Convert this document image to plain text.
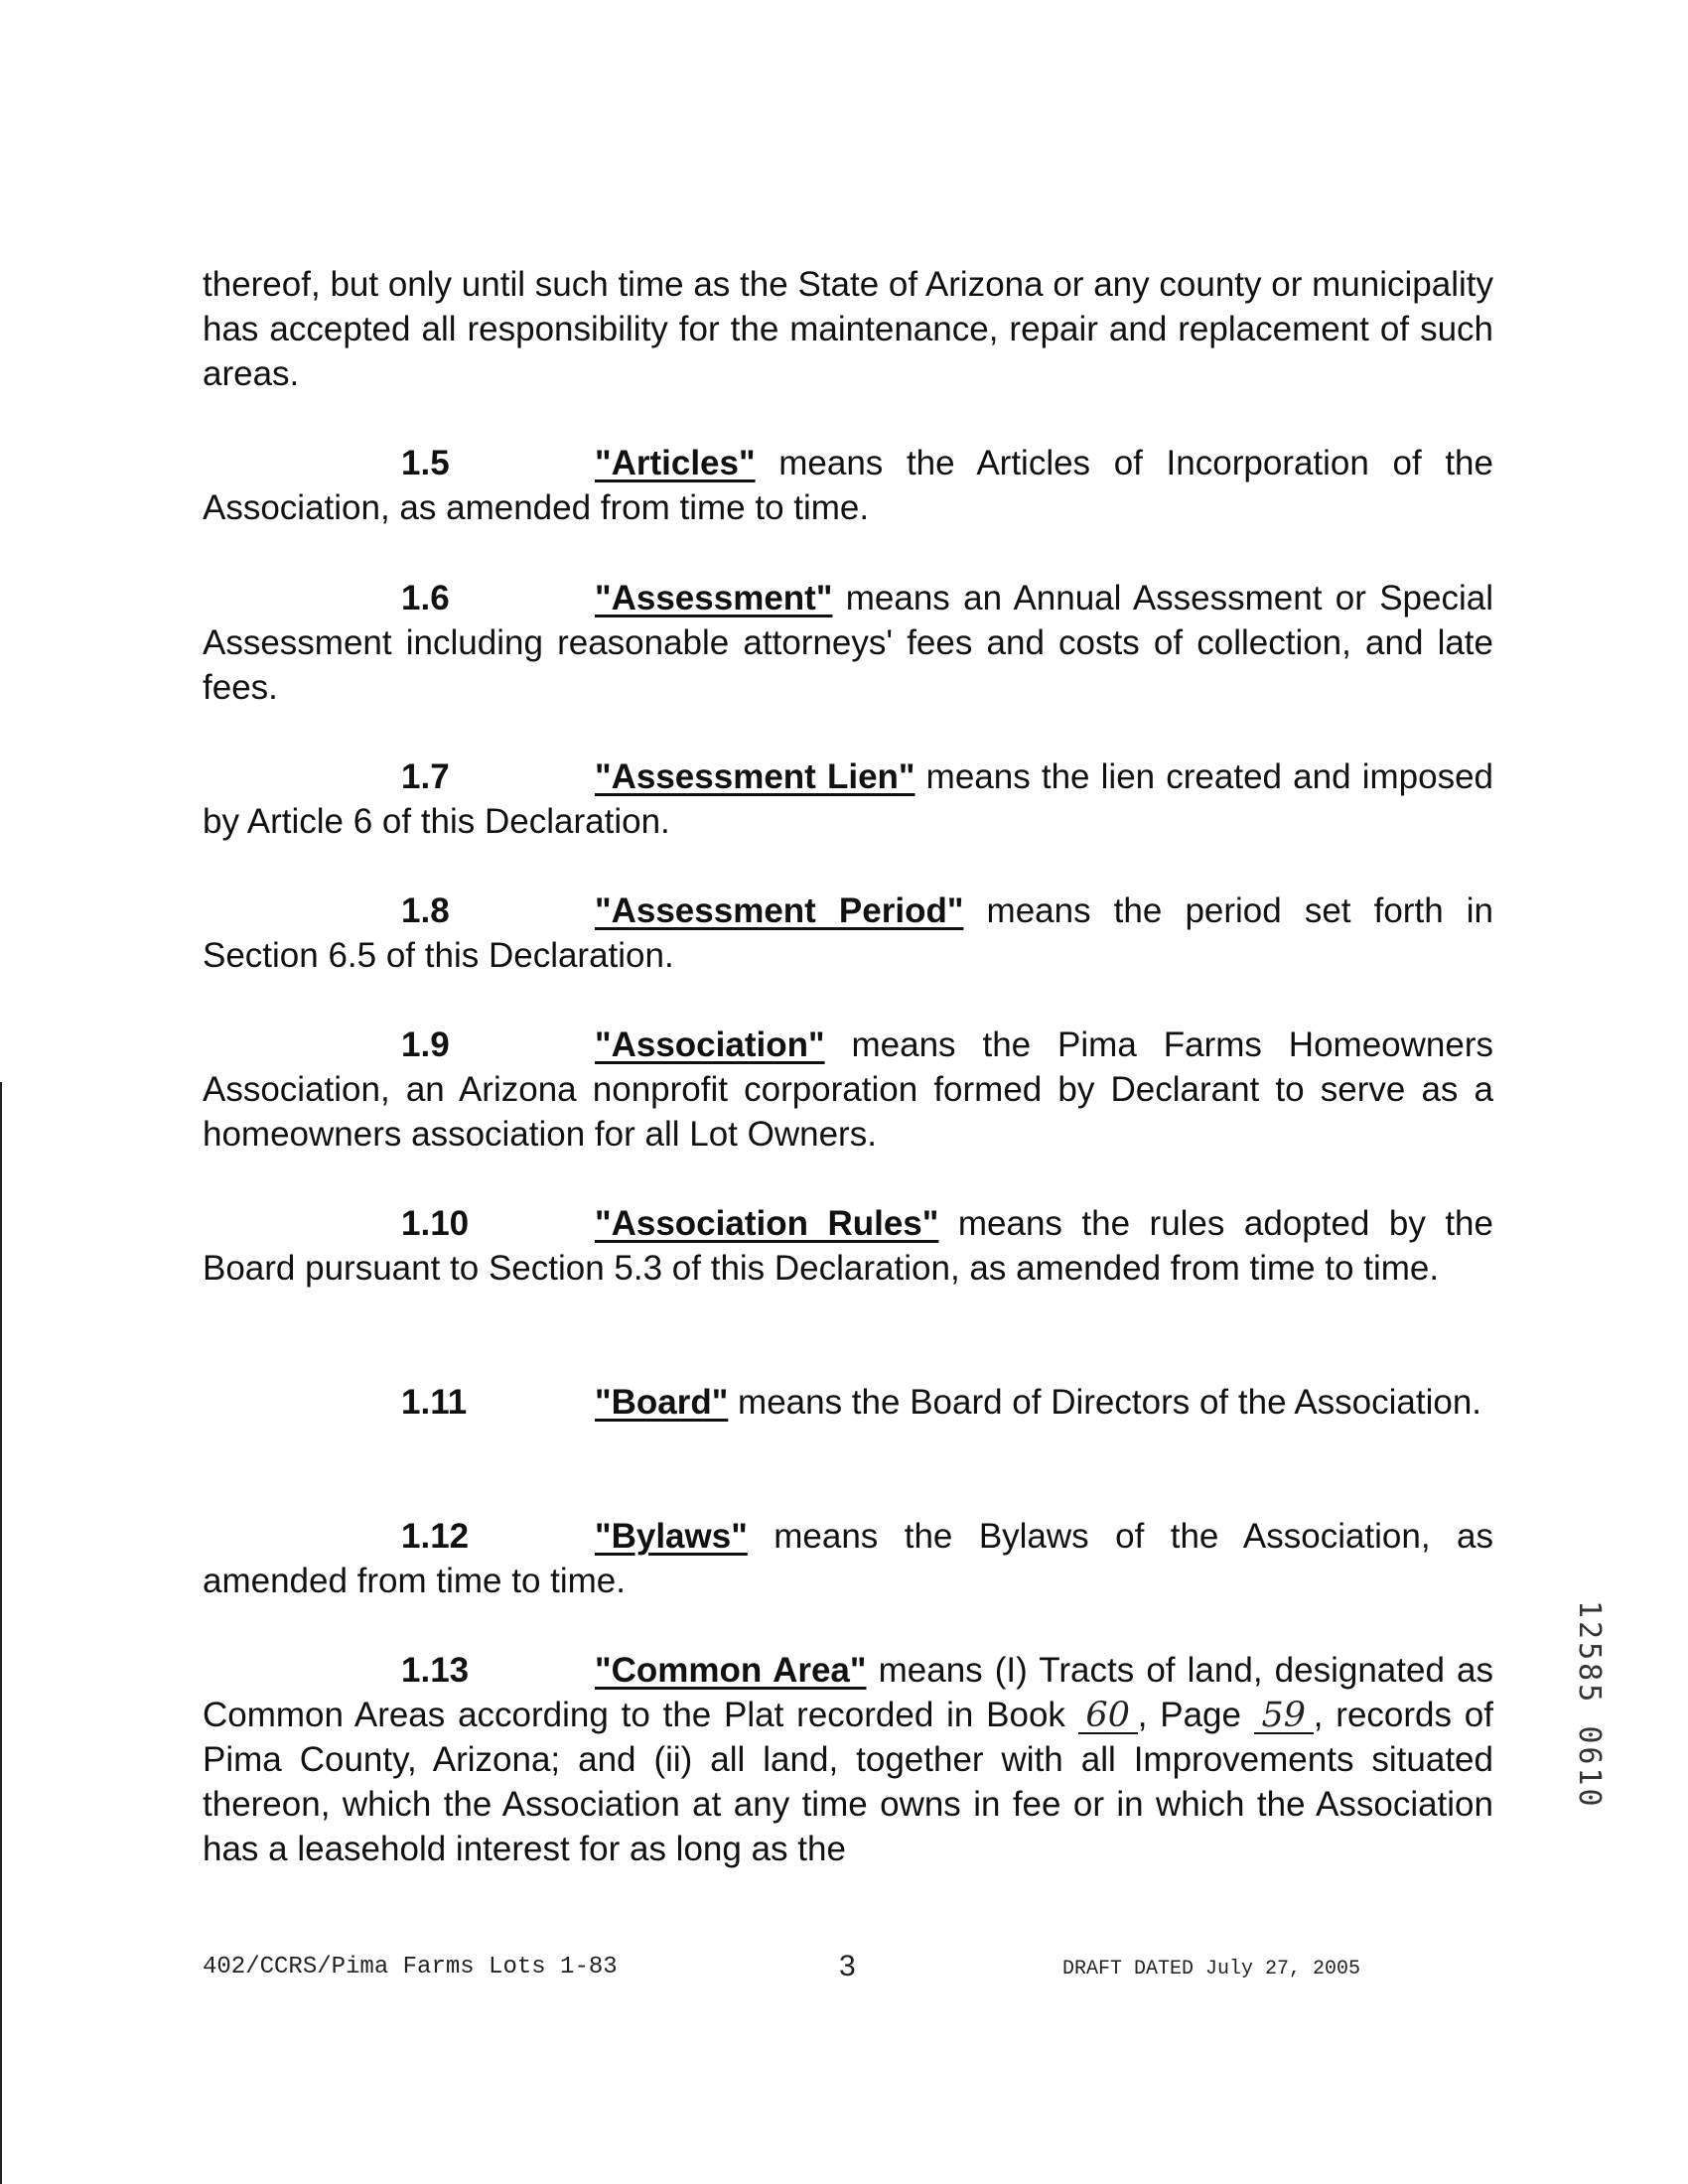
thereof, but only until such time as the State of Arizona or any county or municipality has accepted all responsibility for the maintenance, repair and replacement of such areas.
1.5	"Articles" means the Articles of Incorporation of the Association, as amended from time to time.
1.6	"Assessment" means an Annual Assessment or Special Assessment including reasonable attorneys' fees and costs of collection, and late fees.
1.7	"Assessment Lien" means the lien created and imposed by Article 6 of this Declaration.
1.8	"Assessment Period" means the period set forth in Section 6.5 of this Declaration.
1.9	"Association" means the Pima Farms Homeowners Association, an Arizona nonprofit corporation formed by Declarant to serve as a homeowners association for all Lot Owners.
1.10	"Association Rules" means the rules adopted by the Board pursuant to Section 5.3 of this Declaration, as amended from time to time.
1.11	"Board" means the Board of Directors of the Association.
1.12	"Bylaws" means the Bylaws of the Association, as amended from time to time.
1.13	"Common Area" means (I) Tracts of land, designated as Common Areas according to the Plat recorded in Book 60 , Page 59 , records of Pima County, Arizona; and (ii) all land, together with all Improvements situated thereon, which the Association at any time owns in fee or in which the Association has a leasehold interest for as long as the
402/CCRS/Pima Farms Lots 1-83	3	DRAFT DATED July 27, 2005
12585 0610
